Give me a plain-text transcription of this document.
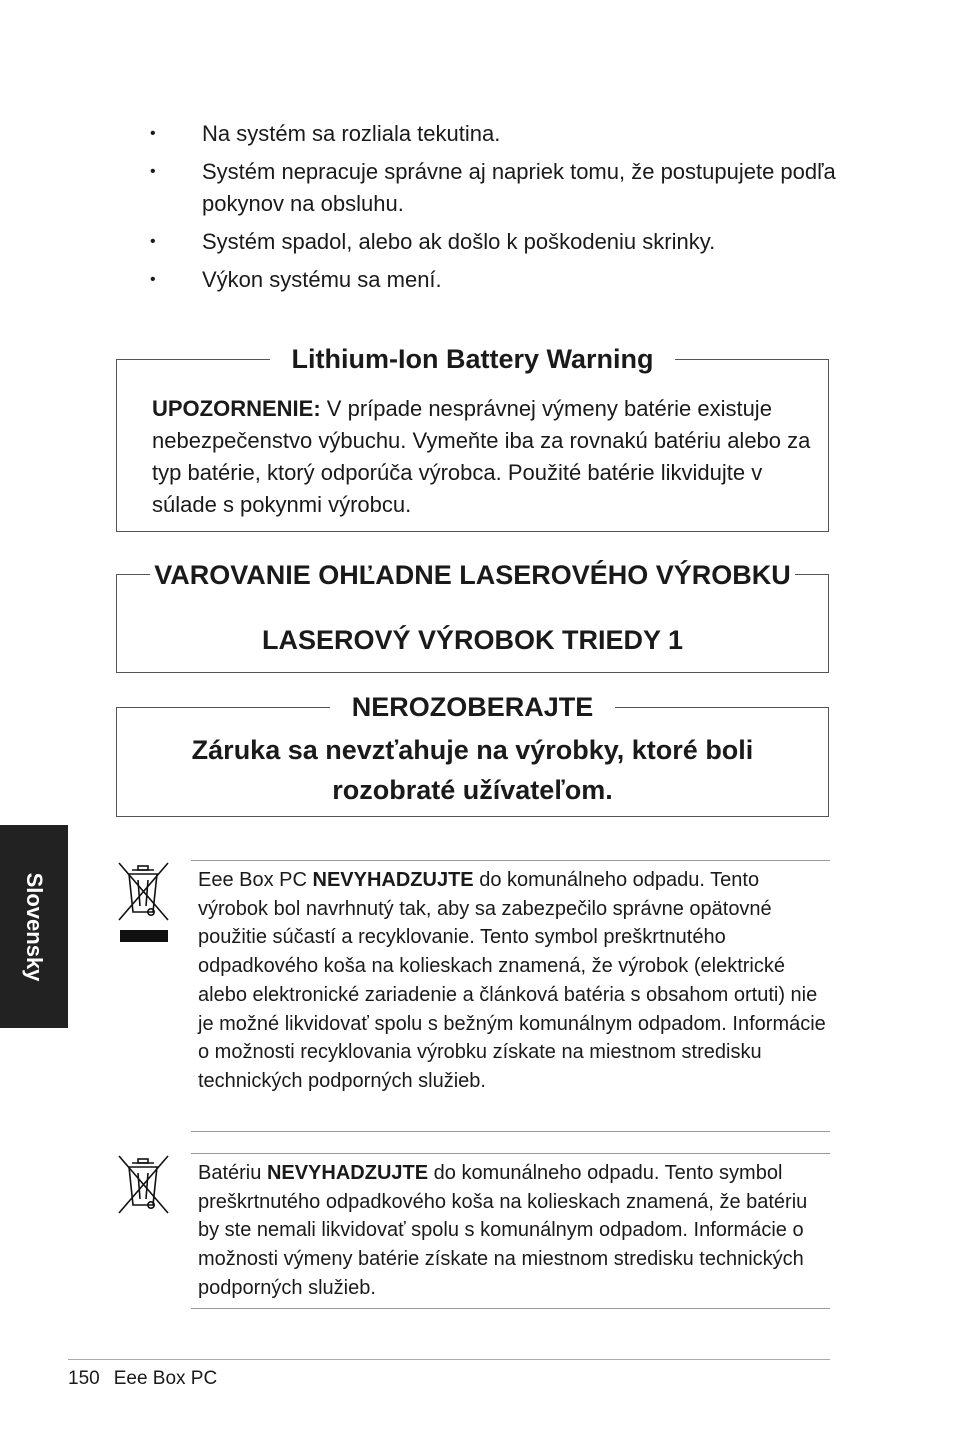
• Na systém sa rozliala tekutina.
• Systém nepracuje správne aj napriek tomu, že postupujete podľa pokynov na obsluhu.
• Systém spadol, alebo ak došlo k poškodeniu skrinky.
• Výkon systému sa mení.
Lithium-Ion Battery Warning
UPOZORNENIE: V prípade nesprávnej výmeny batérie existuje nebezpečenstvo výbuchu. Vymeňte iba za rovnakú batériu alebo za typ batérie, ktorý odporúča výrobca. Použité batérie likvidujte v súlade s pokynmi výrobcu.
VAROVANIE OHĽADNE LASEROVÉHO VÝROBKU
LASEROVÝ VÝROBOK TRIEDY 1
NEROZOBERAJTE
Záruka sa nevzťahuje na výrobky, ktoré boli
rozobraté užívateľom.
Slovensky	Eee Box PC NEVYHADZUJTE do komunálneho odpadu. Tento výrobok bol navrhnutý tak, aby sa zabezpečilo správne opätovné použitie súčastí a recyklovanie. Tento symbol preškrtnutého odpadkového koša na kolieskach znamená, že výrobok (elektrické alebo elektronické zariadenie a článková batéria s obsahom ortuti) nie je možné likvidovať spolu s bežným komunálnym odpadom. Informácie o možnosti recyklovania výrobku získate na miestnom stredisku technických podporných služieb.
Batériu NEVYHADZUJTE do komunálneho odpadu. Tento symbol preškrtnutého odpadkového koša na kolieskach znamená, že batériu by ste nemali likvidovať spolu s komunálnym odpadom. Informácie o možnosti výmeny batérie získate na miestnom stredisku technických podporných služieb.
150 Eee Box PC
